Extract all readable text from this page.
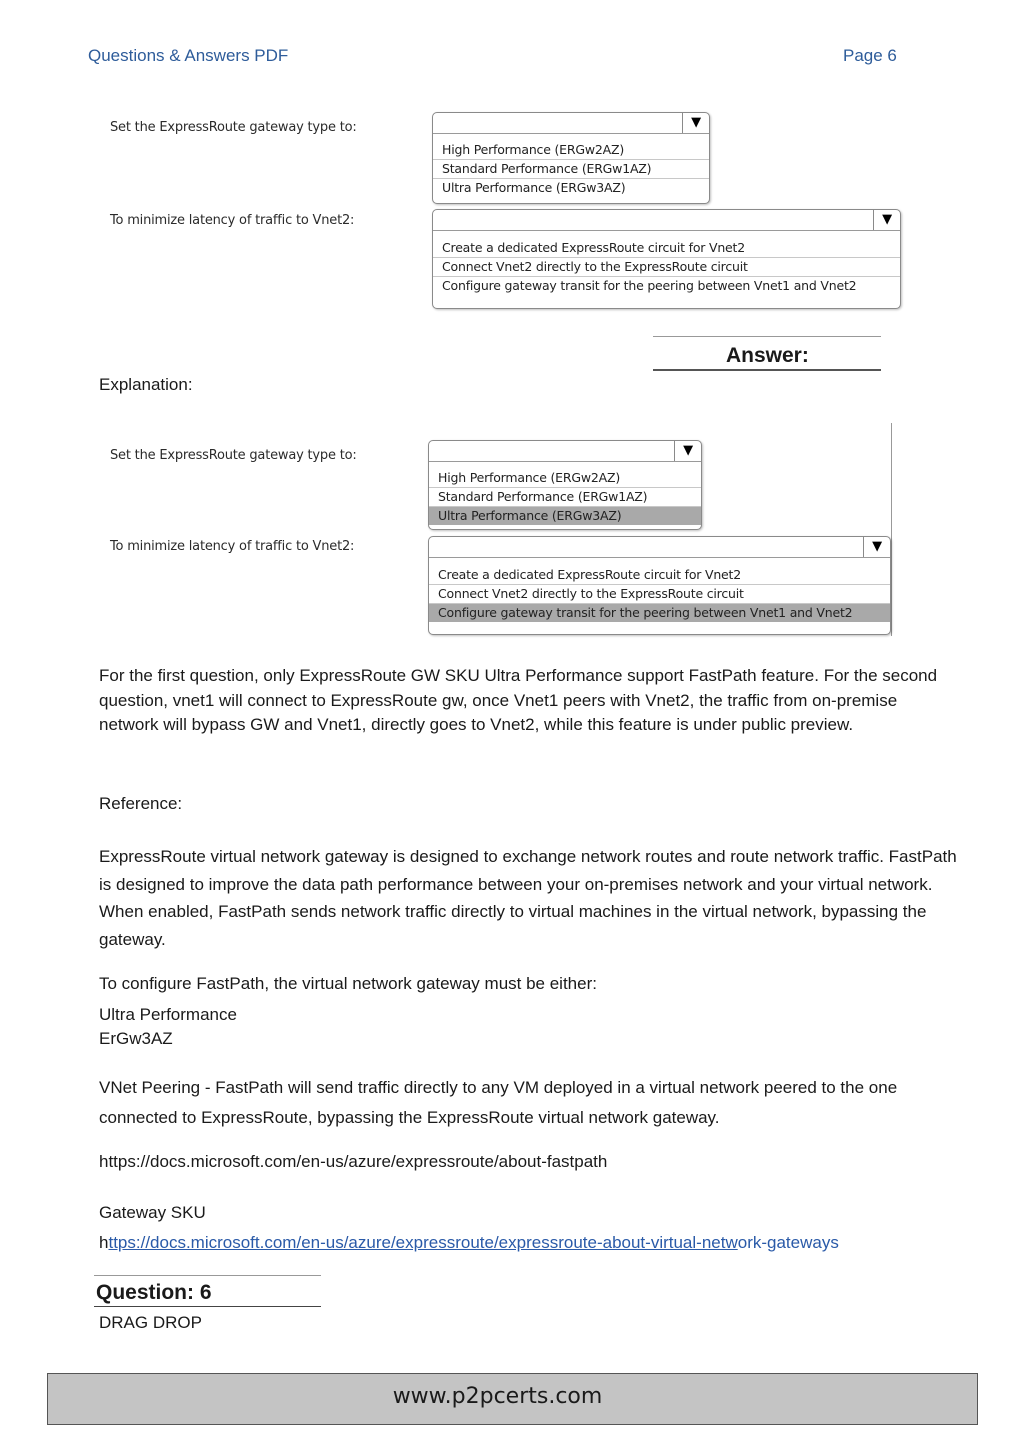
Questions & Answers PDF	Page 6
Set the ExpressRoute gateway type to:	▼
High Performance (ERGw2AZ)
Standard Performance (ERGw1AZ)
Ultra Performance (ERGw3AZ)
To minimize latency of traffic to Vnet2:	▼
Create a dedicated ExpressRoute circuit for Vnet2
Connect Vnet2 directly to the ExpressRoute circuit
Configure gateway transit for the peering between Vnet1 and Vnet2
Answer:
Explanation:
Set the ExpressRoute gateway type to:	▼
High Performance (ERGw2AZ)
Standard Performance (ERGw1AZ)
Ultra Performance (ERGw3AZ)
To minimize latency of traffic to Vnet2:	▼
Create a dedicated ExpressRoute circuit for Vnet2
Connect Vnet2 directly to the ExpressRoute circuit
Configure gateway transit for the peering between Vnet1 and Vnet2
For the first question, only ExpressRoute GW SKU Ultra Performance support FastPath feature. For the second question, vnet1 will connect to ExpressRoute gw, once Vnet1 peers with Vnet2, the traffic from on-premise network will bypass GW and Vnet1, directly goes to Vnet2, while this feature is under public preview.
Reference:
ExpressRoute virtual network gateway is designed to exchange network routes and route network traffic. FastPath is designed to improve the data path performance between your on-premises network and your virtual network. When enabled, FastPath sends network traffic directly to virtual machines in the virtual network, bypassing the gateway.
To configure FastPath, the virtual network gateway must be either:
Ultra Performance
ErGw3AZ
VNet Peering - FastPath will send traffic directly to any VM deployed in a virtual network peered to the one connected to ExpressRoute, bypassing the ExpressRoute virtual network gateway.
https://docs.microsoft.com/en-us/azure/expressroute/about-fastpath
Gateway SKU
https://docs.microsoft.com/en-us/azure/expressroute/expressroute-about-virtual-network-gateways
Question: 6
DRAG DROP
www.p2pcerts.com
